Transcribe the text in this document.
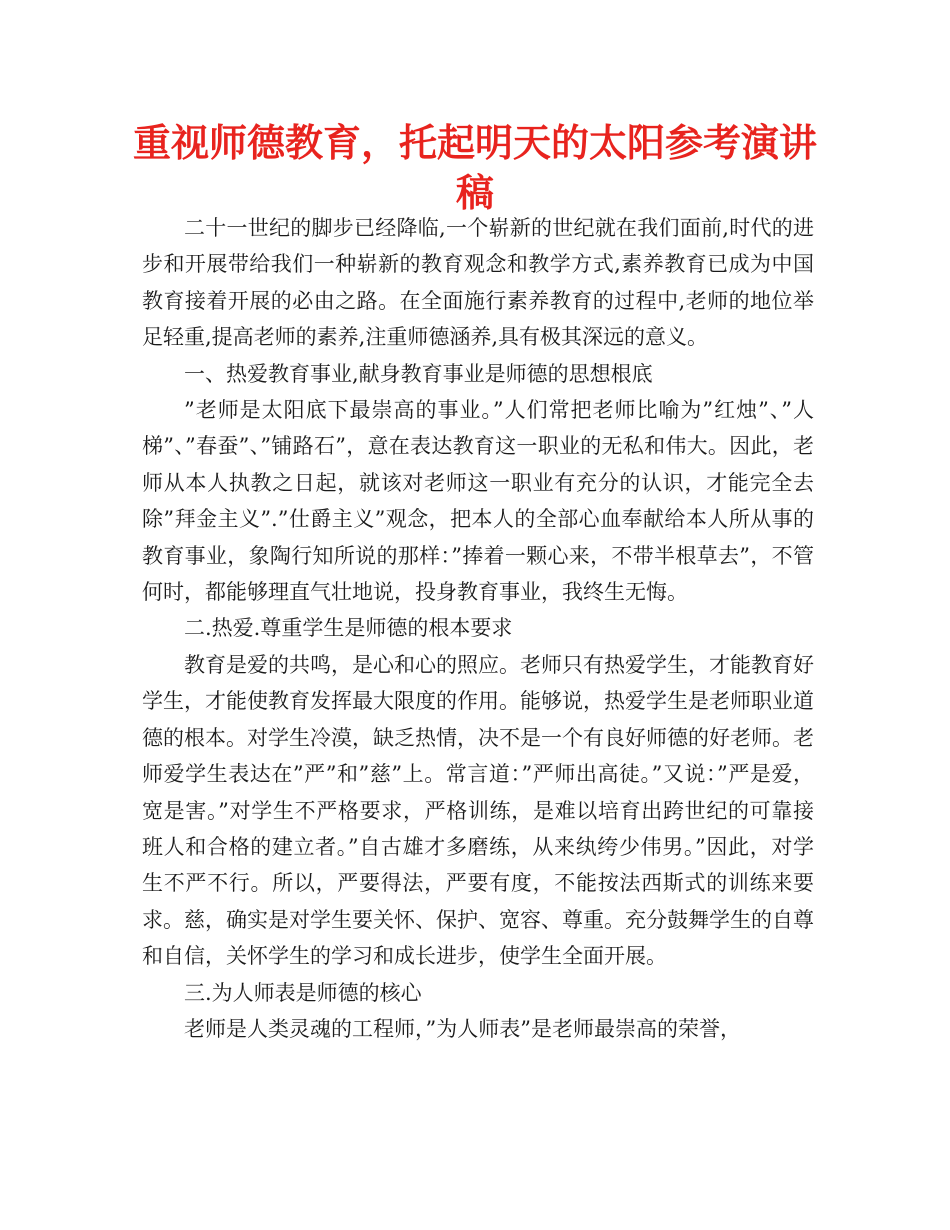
重视师德教育，托起明天的太阳参考演讲稿

二十一世纪的脚步已经降临,一个崭新的世纪就在我们面前,时代的进步和开展带给我们一种崭新的教育观念和教学方式,素养教育已成为中国教育接着开展的必由之路。在全面施行素养教育的过程中,老师的地位举足轻重,提高老师的素养,注重师德涵养,具有极其深远的意义。

一、热爱教育事业,献身教育事业是师德的思想根底

”老师是太阳底下最崇高的事业。”人们常把老师比喻为”红烛”、”人梯”、”春蚕”、”铺路石”，意在表达教育这一职业的无私和伟大。因此，老师从本人执教之日起，就该对老师这一职业有充分的认识，才能完全去除”拜金主义”.”仕爵主义”观念，把本人的全部心血奉献给本人所从事的教育事业，象陶行知所说的那样：”捧着一颗心来，不带半根草去”，不管何时，都能够理直气壮地说，投身教育事业，我终生无悔。

二.热爱.尊重学生是师德的根本要求

教育是爱的共鸣，是心和心的照应。老师只有热爱学生，才能教育好学生，才能使教育发挥最大限度的作用。能够说，热爱学生是老师职业道德的根本。对学生冷漠，缺乏热情，决不是一个有良好师德的好老师。老师爱学生表达在”严”和”慈”上。常言道：”严师出高徒。”又说：”严是爱，宽是害。”对学生不严格要求，严格训练，是难以培育出跨世纪的可靠接班人和合格的建立者。”自古雄才多磨练，从来纨绔少伟男。”因此，对学生不严不行。所以，严要得法，严要有度，不能按法西斯式的训练来要求。慈，确实是对学生要关怀、保护、宽容、尊重。充分鼓舞学生的自尊和自信，关怀学生的学习和成长进步，使学生全面开展。

三.为人师表是师德的核心

老师是人类灵魂的工程师，”为人师表”是老师最崇高的荣誉，
